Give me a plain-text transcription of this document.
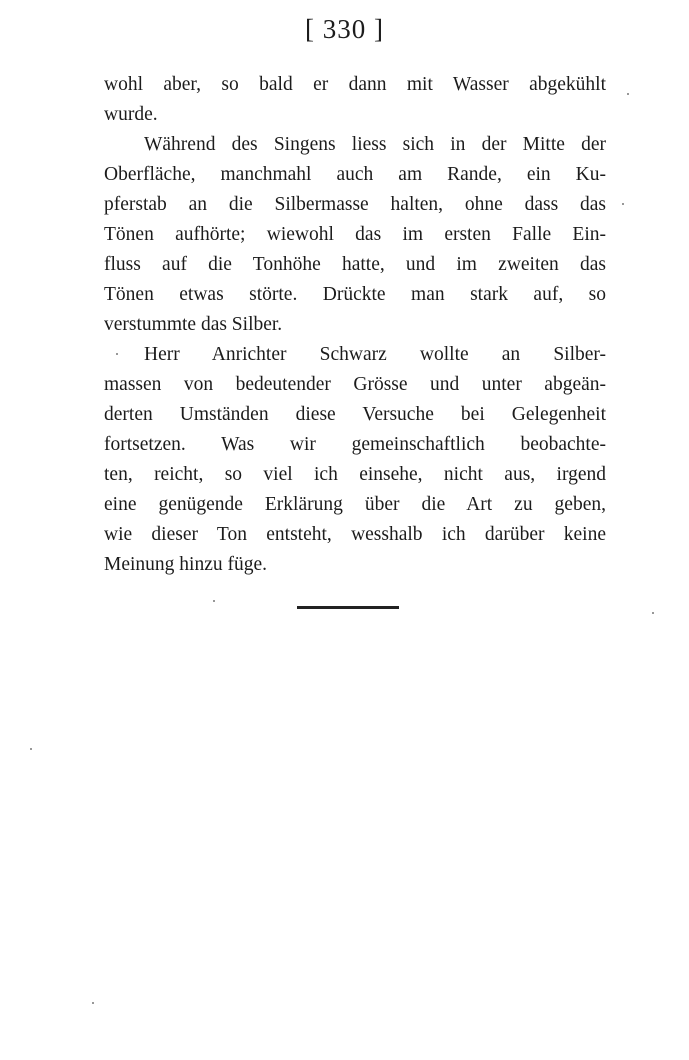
[ 330 ]
wohl aber, so bald er dann mit Wasser abgekühlt
wurde.
Während des Singens liess sich in der Mitte der
Oberfläche, manchmahl auch am Rande, ein Ku-
pferstab an die Silbermasse halten, ohne dass das
Tönen aufhörte; wiewohl das im ersten Falle Ein-
fluss auf die Tonhöhe hatte, und im zweiten das
Tönen etwas störte. Drückte man stark auf, so
verstummte das Silber.
Herr Anrichter Schwarz wollte an Silber-
massen von bedeutender Grösse und unter abgeän-
derten Umständen diese Versuche bei Gelegenheit
fortsetzen. Was wir gemeinschaftlich beobachte-
ten, reicht, so viel ich einsehe, nicht aus, irgend
eine genügende Erklärung über die Art zu geben,
wie dieser Ton entsteht, wesshalb ich darüber keine
Meinung hinzu füge.
